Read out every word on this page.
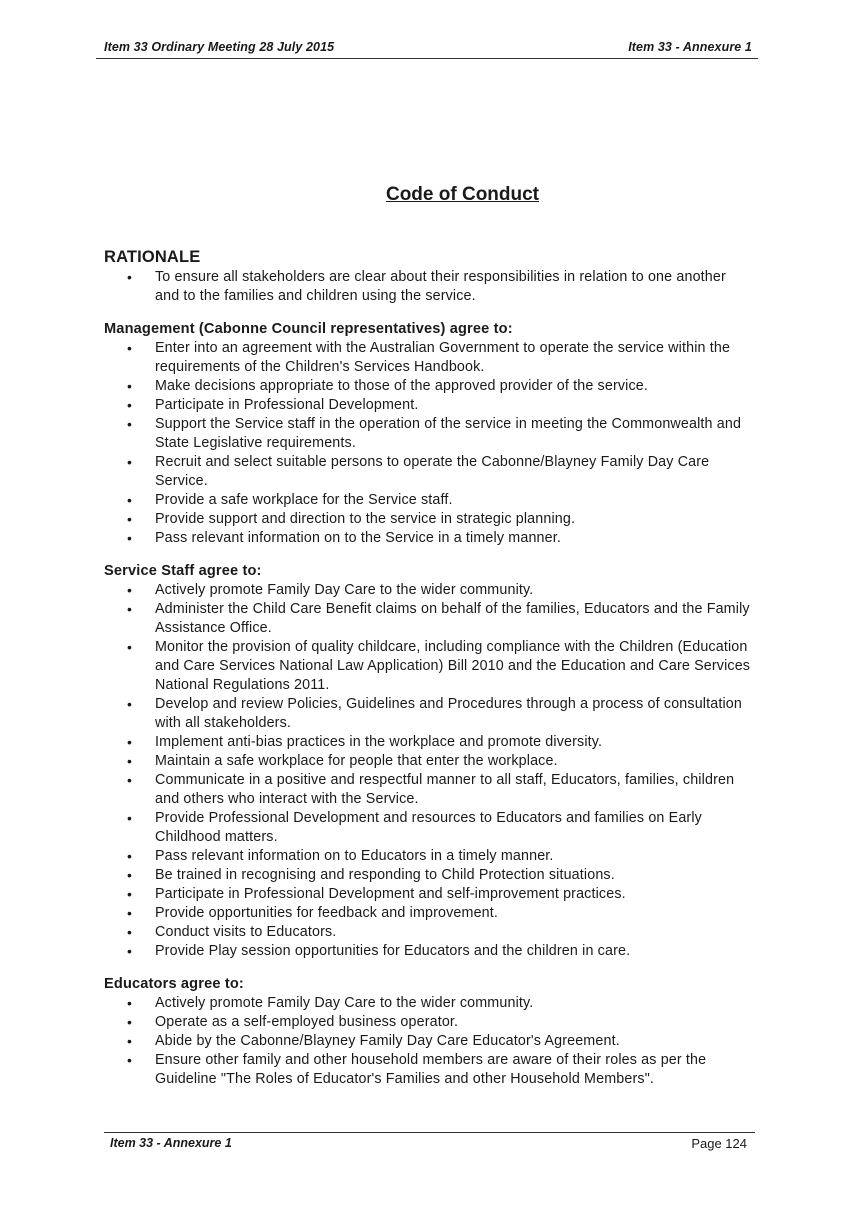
Item 33 Ordinary Meeting 28 July 2015	Item 33 - Annexure 1
Code of Conduct
RATIONALE
• To ensure all stakeholders are clear about their responsibilities in relation to one another and to the families and children using the service.
Management (Cabonne Council representatives) agree to:
• Enter into an agreement with the Australian Government to operate the service within the requirements of the Children's Services Handbook.
• Make decisions appropriate to those of the approved provider of the service.
• Participate in Professional Development.
• Support the Service staff in the operation of the service in meeting the Commonwealth and State Legislative requirements.
• Recruit and select suitable persons to operate the Cabonne/Blayney Family Day Care Service.
• Provide a safe workplace for the Service staff.
• Provide support and direction to the service in strategic planning.
• Pass relevant information on to the Service in a timely manner.
Service Staff agree to:
• Actively promote Family Day Care to the wider community.
• Administer the Child Care Benefit claims on behalf of the families, Educators and the Family Assistance Office.
• Monitor the provision of quality childcare, including compliance with the Children (Education and Care Services National Law Application) Bill 2010 and the Education and Care Services National Regulations 2011.
• Develop and review Policies, Guidelines and Procedures through a process of consultation with all stakeholders.
• Implement anti-bias practices in the workplace and promote diversity.
• Maintain a safe workplace for people that enter the workplace.
• Communicate in a positive and respectful manner to all staff, Educators, families, children and others who interact with the Service.
• Provide Professional Development and resources to Educators and families on Early Childhood matters.
• Pass relevant information on to Educators in a timely manner.
• Be trained in recognising and responding to Child Protection situations.
• Participate in Professional Development and self-improvement practices.
• Provide opportunities for feedback and improvement.
• Conduct visits to Educators.
• Provide Play session opportunities for Educators and the children in care.
Educators agree to:
• Actively promote Family Day Care to the wider community.
• Operate as a self-employed business operator.
• Abide by the Cabonne/Blayney Family Day Care Educator's Agreement.
• Ensure other family and other household members are aware of their roles as per the Guideline "The Roles of Educator's Families and other Household Members".
Item 33 - Annexure 1	Page 124
